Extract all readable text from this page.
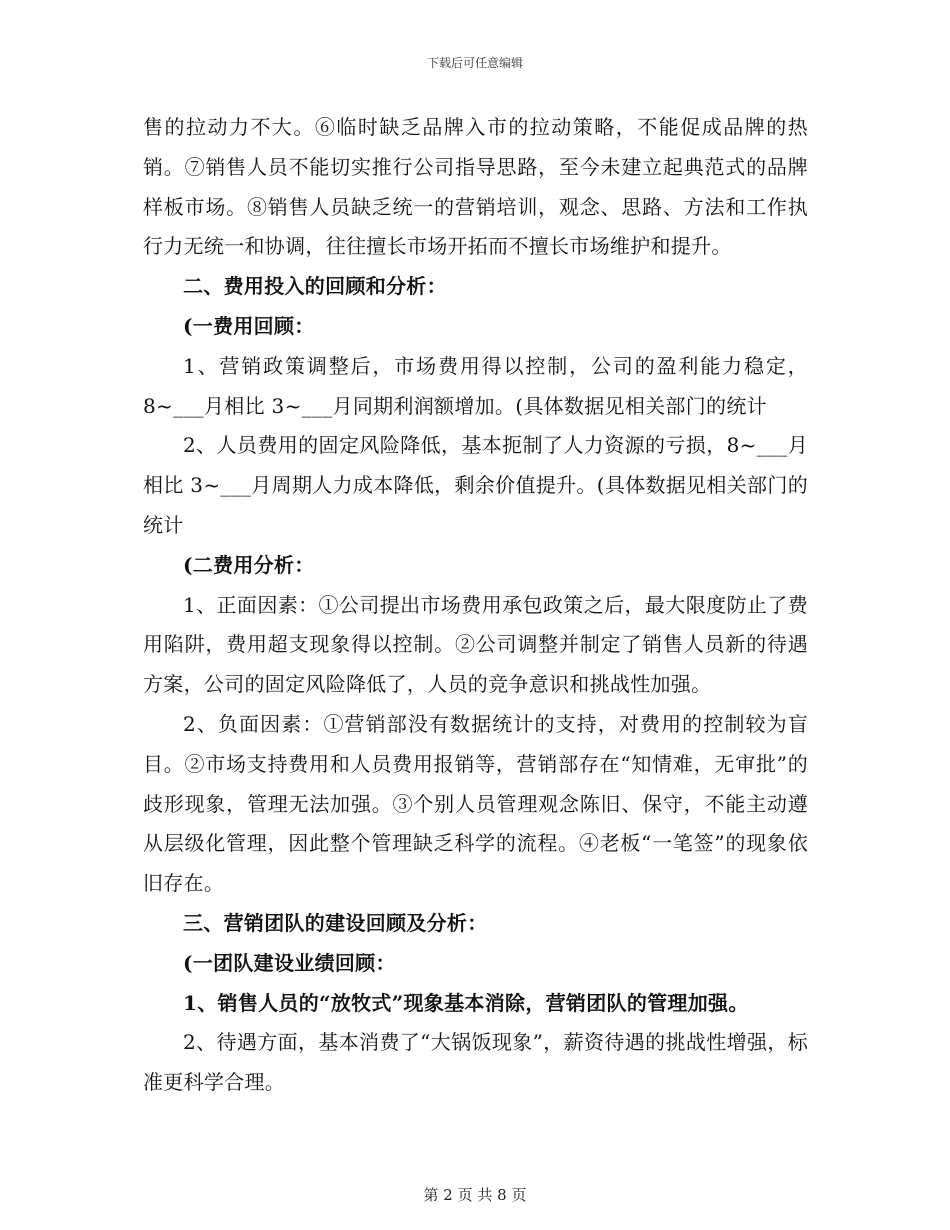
下载后可任意编辑

售的拉动力不大。⑥临时缺乏品牌入市的拉动策略，不能促成品牌的热销。⑦销售人员不能切实推行公司指导思路，至今未建立起典范式的品牌样板市场。⑧销售人员缺乏统一的营销培训，观念、思路、方法和工作执行力无统一和协调，往往擅长市场开拓而不擅长市场维护和提升。

二、费用投入的回顾和分析：

(一费用回顾：

1、营销政策调整后，市场费用得以控制，公司的盈利能力稳定，8~___月相比 3~___月同期利润额增加。(具体数据见相关部门的统计

2、人员费用的固定风险降低，基本扼制了人力资源的亏损，8~___月相比 3~___月周期人力成本降低，剩余价值提升。(具体数据见相关部门的统计

(二费用分析：

1、正面因素：①公司提出市场费用承包政策之后，最大限度防止了费用陷阱，费用超支现象得以控制。②公司调整并制定了销售人员新的待遇方案，公司的固定风险降低了，人员的竞争意识和挑战性加强。

2、负面因素：①营销部没有数据统计的支持，对费用的控制较为盲目。②市场支持费用和人员费用报销等，营销部存在“知情难，无审批”的歧形现象，管理无法加强。③个别人员管理观念陈旧、保守，不能主动遵从层级化管理，因此整个管理缺乏科学的流程。④老板“一笔签”的现象依旧存在。

三、营销团队的建设回顾及分析：

(一团队建设业绩回顾：

1、销售人员的“放牧式”现象基本消除，营销团队的管理加强。

2、待遇方面，基本消费了“大锅饭现象”，薪资待遇的挑战性增强，标准更科学合理。

第 2 页 共 8 页
